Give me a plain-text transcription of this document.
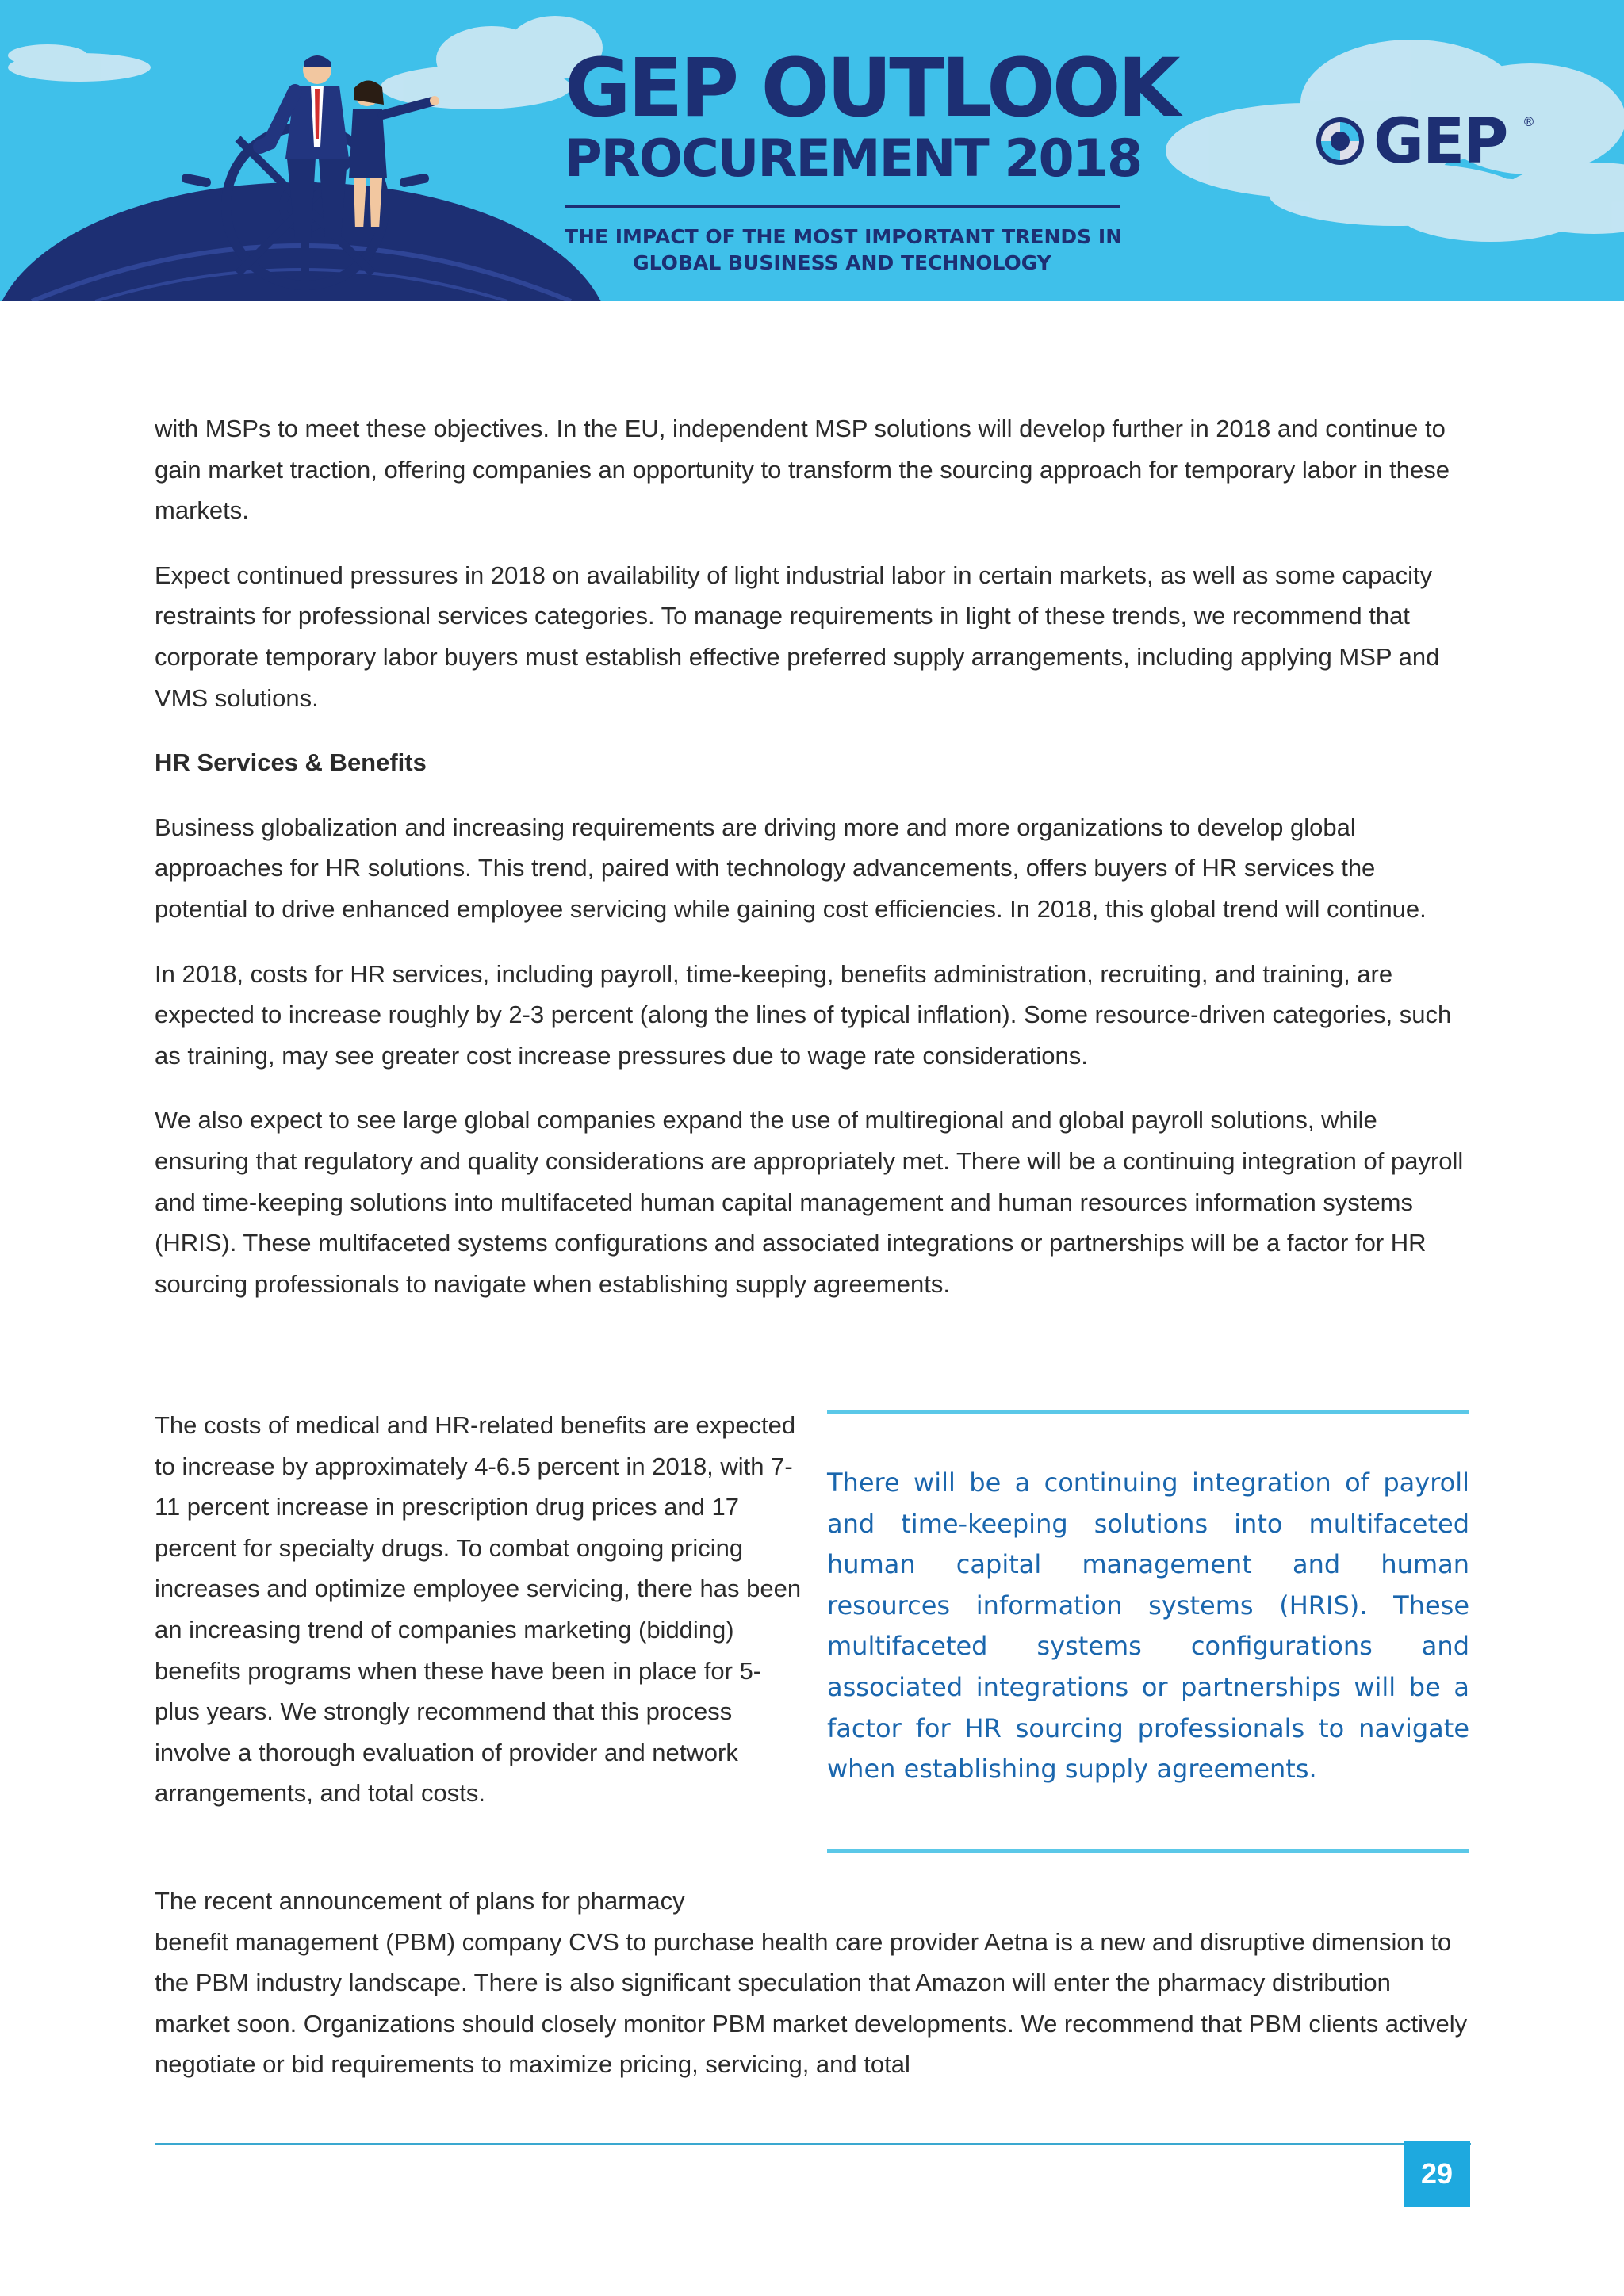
GEP OUTLOOK
PROCUREMENT 2018
THE IMPACT OF THE MOST IMPORTANT TRENDS IN
GLOBAL BUSINESS AND TECHNOLOGY
GEP ®

with MSPs to meet these objectives. In the EU, independent MSP solutions will develop further in 2018 and continue to gain market traction, offering companies an opportunity to transform the sourcing approach for temporary labor in these markets.

Expect continued pressures in 2018 on availability of light industrial labor in certain markets, as well as some capacity restraints for professional services categories. To manage requirements in light of these trends, we recommend that corporate temporary labor buyers must establish effective preferred supply arrangements, including applying MSP and VMS solutions.

HR Services & Benefits

Business globalization and increasing requirements are driving more and more organizations to develop global approaches for HR solutions. This trend, paired with technology advancements, offers buyers of HR services the potential to drive enhanced employee servicing while gaining cost efficiencies. In 2018, this global trend will continue.

In 2018, costs for HR services, including payroll, time-keeping, benefits administration, recruiting, and training, are expected to increase roughly by 2-3 percent (along the lines of typical inflation). Some resource-driven categories, such as training, may see greater cost increase pressures due to wage rate considerations.

We also expect to see large global companies expand the use of multiregional and global payroll solutions, while ensuring that regulatory and quality considerations are appropriately met. There will be a continuing integration of payroll and time-keeping solutions into multifaceted human capital management and human resources information systems (HRIS). These multifaceted systems configurations and associated integrations or partnerships will be a factor for HR sourcing professionals to navigate when establishing supply agreements.

The costs of medical and HR-related benefits are expected to increase by approximately 4-6.5 percent in 2018, with 7-11 percent increase in prescription drug prices and 17 percent for specialty drugs. To combat ongoing pricing increases and optimize employee servicing, there has been an increasing trend of companies marketing (bidding) benefits programs when these have been in place for 5-plus years. We strongly recommend that this process involve a thorough evaluation of provider and network arrangements, and total costs.

There will be a continuing integration of payroll and time-keeping solutions into multifaceted human capital management and human resources information systems (HRIS). These multifaceted systems configurations and associated integrations or partnerships will be a factor for HR sourcing professionals to navigate when establishing supply agreements.

The recent announcement of plans for pharmacy

benefit management (PBM) company CVS to purchase health care provider Aetna is a new and disruptive dimension to the PBM industry landscape. There is also significant speculation that Amazon will enter the pharmacy distribution market soon. Organizations should closely monitor PBM market developments. We recommend that PBM clients actively negotiate or bid requirements to maximize pricing, servicing, and total

29
